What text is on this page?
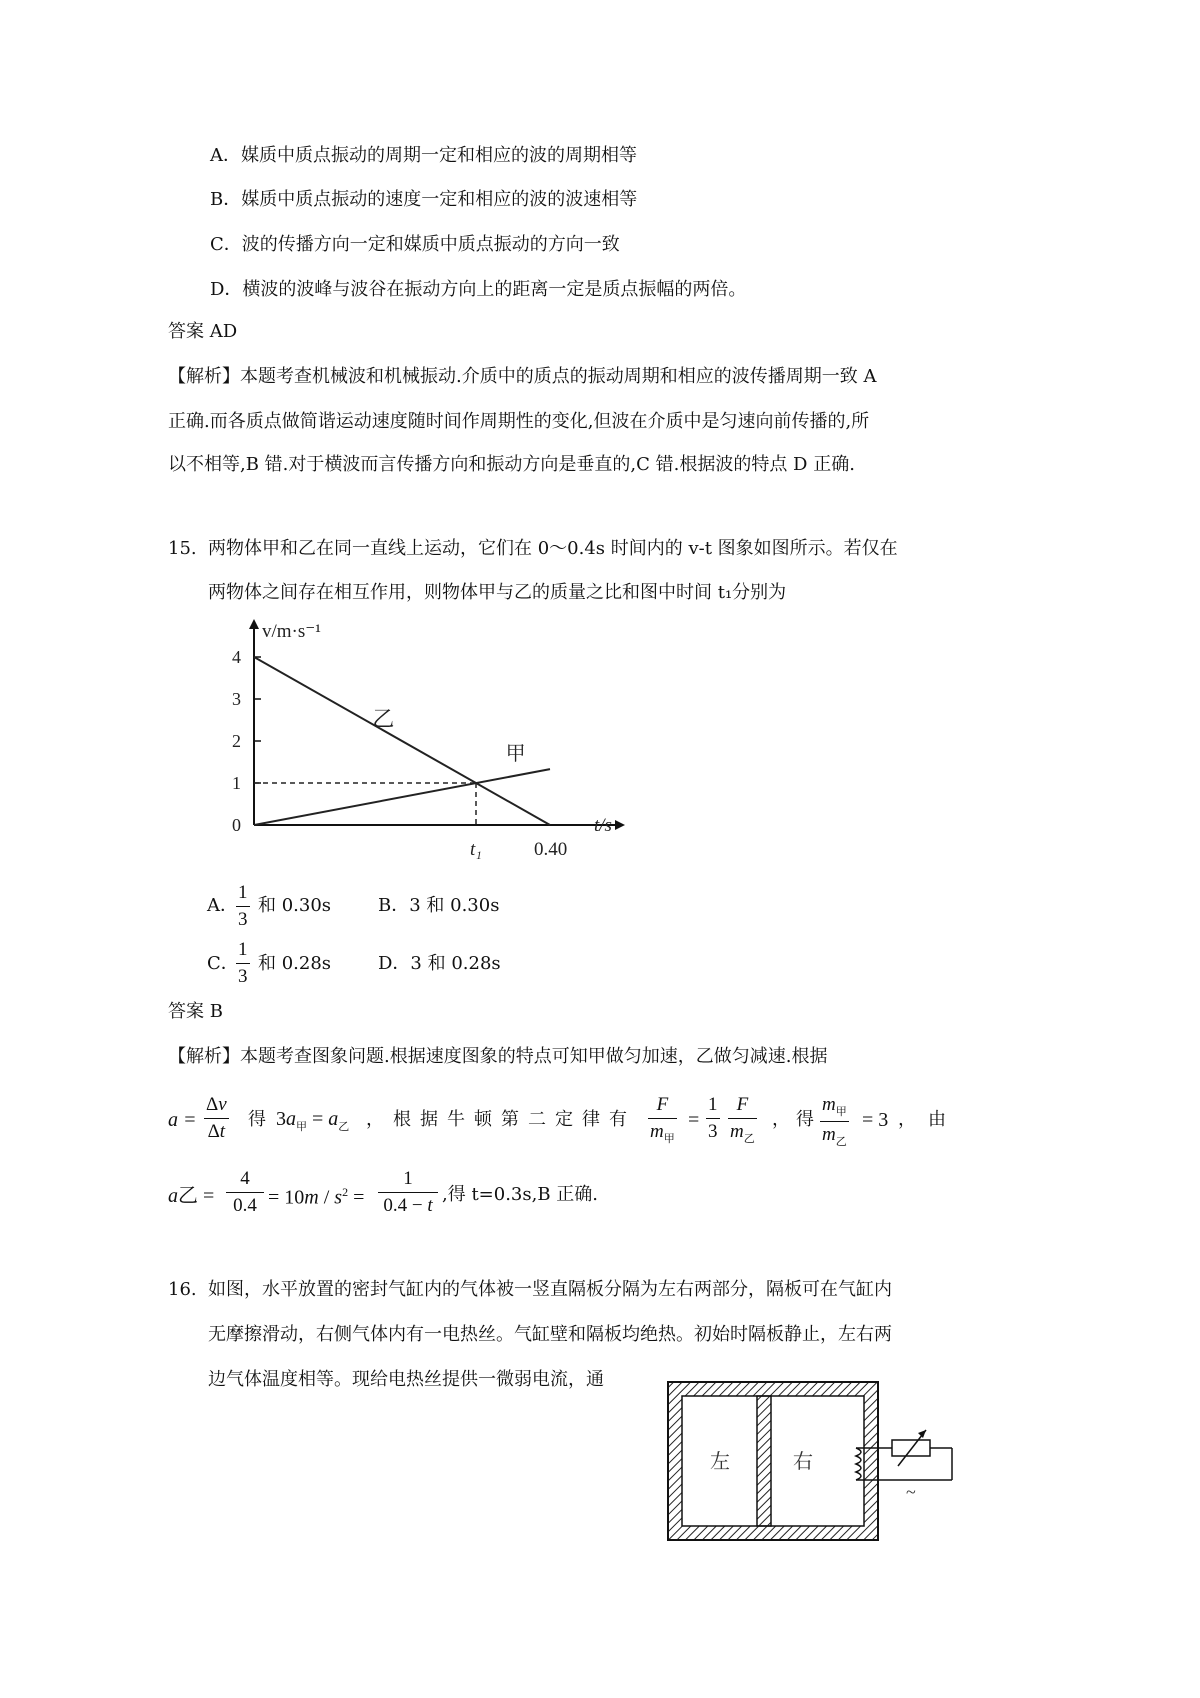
A．媒质中质点振动的周期一定和相应的波的周期相等
B．媒质中质点振动的速度一定和相应的波的波速相等
C．波的传播方向一定和媒质中质点振动的方向一致
D．横波的波峰与波谷在振动方向上的距离一定是质点振幅的两倍。
答案 AD
【解析】本题考查机械波和机械振动.介质中的质点的振动周期和相应的波传播周期一致 A
正确.而各质点做简谐运动速度随时间作周期性的变化,但波在介质中是匀速向前传播的,所
以不相等,B 错.对于横波而言传播方向和振动方向是垂直的,C 错.根据波的特点 D 正确.
15. 两物体甲和乙在同一直线上运动，它们在 0～0.4s 时间内的 v-t 图象如图所示。若仅在
两物体之间存在相互作用，则物体甲与乙的质量之比和图中时间 t₁分别为
v/m·s⁻¹
t/s
0
1
2
3
4
乙
甲
t₁	0.40
A．
1
3
和 0.30s	B．3 和 0.30s
C．
1
3
和 0.28s	D．3 和 0.28s
答案 B
【解析】本题考查图象问题.根据速度图象的特点可知甲做匀加速，乙做匀减速.根据
a =
Δv
Δt
得 $3a_甲 = a_乙$ ，根据牛顿第二定律有
F
$m_甲$
=
1
3
F
$m_乙$
，得
$m_甲$
$m_乙$
= 3 ，由
a乙 =
4
$0.4 = 10m / s^2$ =
1
0.4 − t
,得 t=0.3s,B 正确.
16. 如图，水平放置的密封气缸内的气体被一竖直隔板分隔为左右两部分，隔板可在气缸内
无摩擦滑动，右侧气体内有一电热丝。气缸壁和隔板均绝热。初始时隔板静止，左右两
边气体温度相等。现给电热丝提供一微弱电流，通
左	右
~
